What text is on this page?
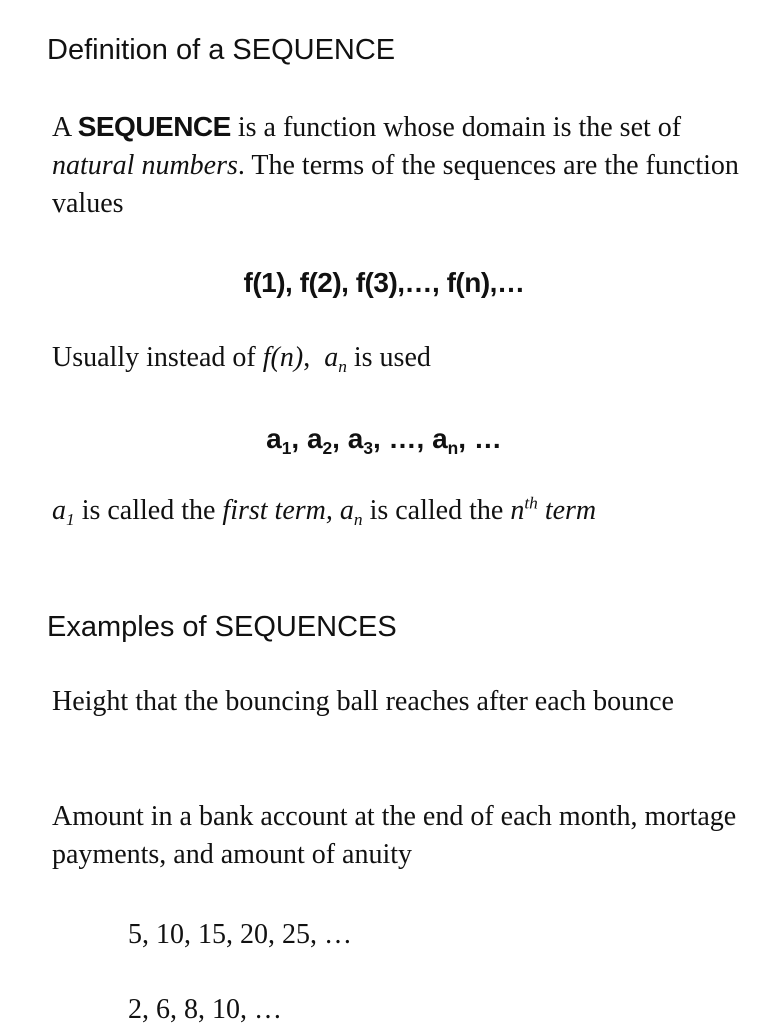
Definition of a SEQUENCE

A SEQUENCE is a function whose domain is the set of natural numbers. The terms of the sequences are the function values

f(1), f(2), f(3),…, f(n),…

Usually instead of f(n),  $a_n$ is used

$a_1$, $a_2$, $a_3$, …, $a_n$, …

$a_1$ is called the first term, $a_n$ is called the $n^{th}$ term

Examples of SEQUENCES

Height that the bouncing ball reaches after each bounce

Amount in a bank account at the end of each month, mortage payments, and amount of anuity

5, 10, 15, 20, 25, …

2, 6, 8, 10, …
